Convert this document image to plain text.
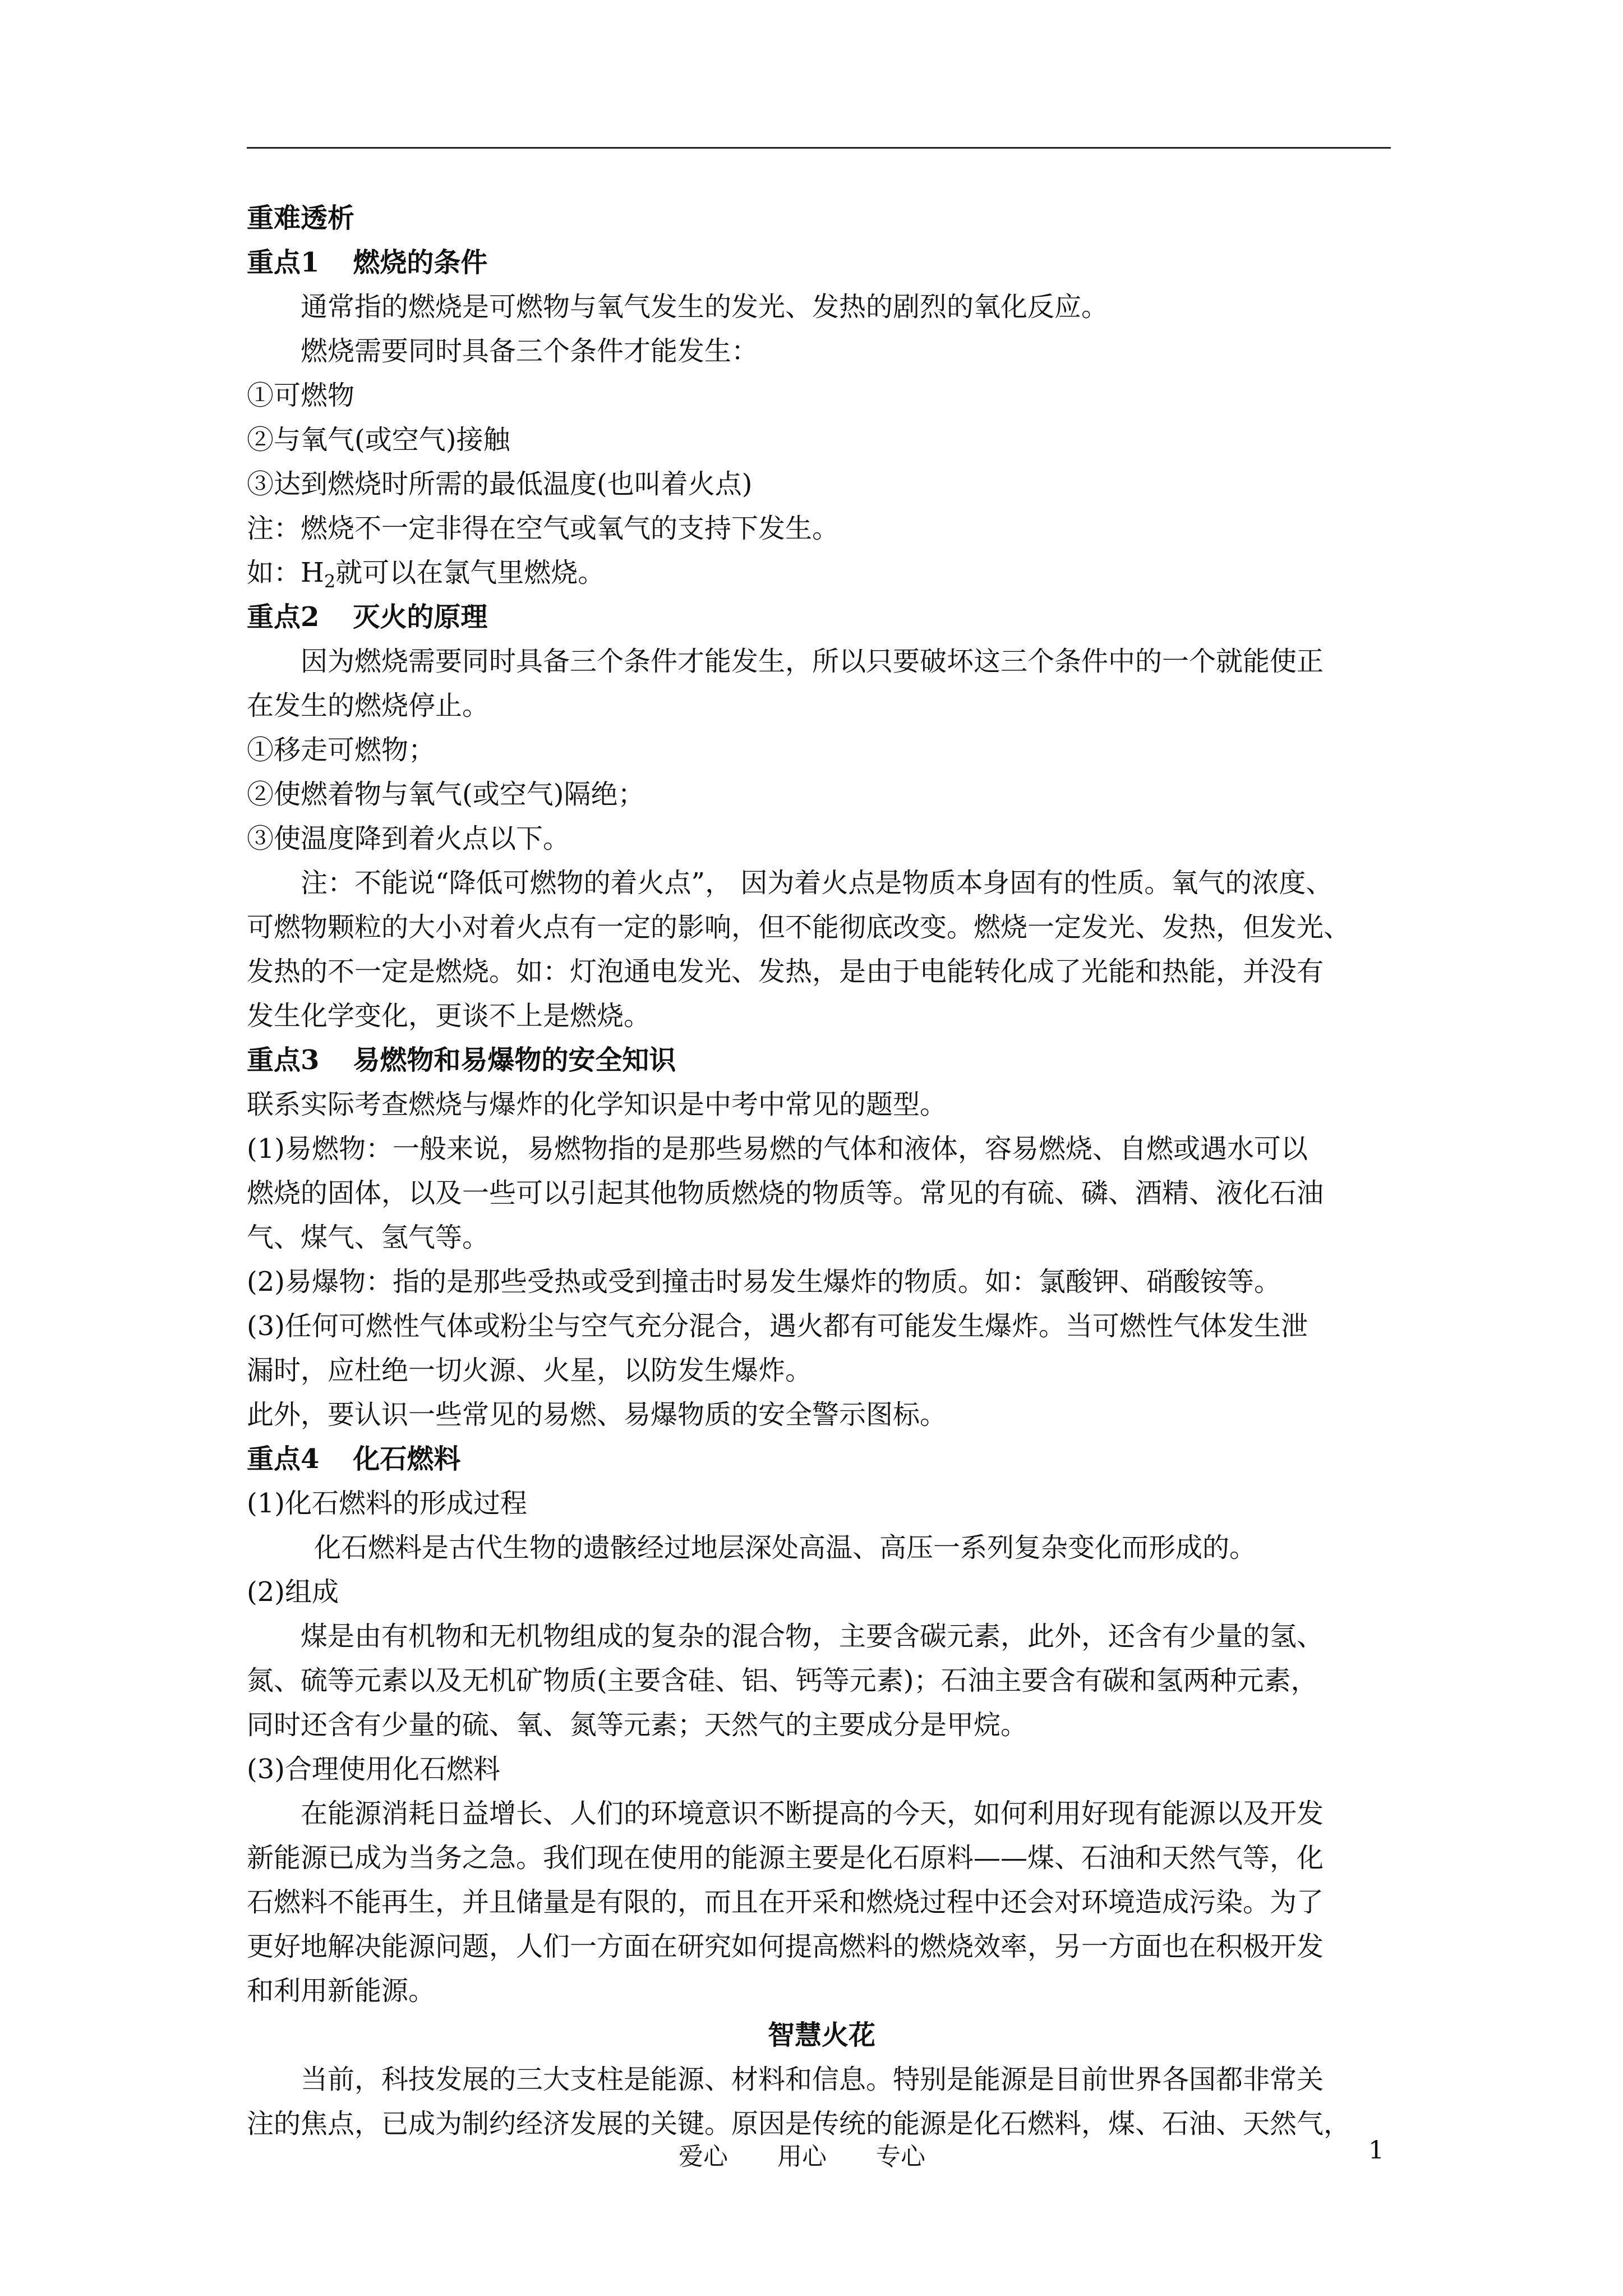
重难透析
重点1 燃烧的条件
通常指的燃烧是可燃物与氧气发生的发光、发热的剧烈的氧化反应。
燃烧需要同时具备三个条件才能发生：
①可燃物
②与氧气(或空气)接触
③达到燃烧时所需的最低温度(也叫着火点)
注：燃烧不一定非得在空气或氧气的支持下发生。
如：$H_2$就可以在氯气里燃烧。
重点2 灭火的原理
因为燃烧需要同时具备三个条件才能发生，所以只要破坏这三个条件中的一个就能使正
在发生的燃烧停止。
①移走可燃物；
②使燃着物与氧气(或空气)隔绝；
③使温度降到着火点以下。
注：不能说“降低可燃物的着火点”， 因为着火点是物质本身固有的性质。氧气的浓度、
可燃物颗粒的大小对着火点有一定的影响，但不能彻底改变。燃烧一定发光、发热，但发光、
发热的不一定是燃烧。如：灯泡通电发光、发热，是由于电能转化成了光能和热能，并没有
发生化学变化，更谈不上是燃烧。
重点3 易燃物和易爆物的安全知识
联系实际考查燃烧与爆炸的化学知识是中考中常见的题型。
(1)易燃物：一般来说，易燃物指的是那些易燃的气体和液体，容易燃烧、自燃或遇水可以
燃烧的固体，以及一些可以引起其他物质燃烧的物质等。常见的有硫、磷、酒精、液化石油
气、煤气、氢气等。
(2)易爆物：指的是那些受热或受到撞击时易发生爆炸的物质。如：氯酸钾、硝酸铵等。
(3)任何可燃性气体或粉尘与空气充分混合，遇火都有可能发生爆炸。当可燃性气体发生泄
漏时，应杜绝一切火源、火星，以防发生爆炸。
此外，要认识一些常见的易燃、易爆物质的安全警示图标。
重点4 化石燃料
(1)化石燃料的形成过程
化石燃料是古代生物的遗骸经过地层深处高温、高压一系列复杂变化而形成的。
(2)组成
煤是由有机物和无机物组成的复杂的混合物，主要含碳元素，此外，还含有少量的氢、
氮、硫等元素以及无机矿物质(主要含硅、铝、钙等元素)；石油主要含有碳和氢两种元素，
同时还含有少量的硫、氧、氮等元素；天然气的主要成分是甲烷。
(3)合理使用化石燃料
在能源消耗日益增长、人们的环境意识不断提高的今天，如何利用好现有能源以及开发
新能源已成为当务之急。我们现在使用的能源主要是化石原料——煤、石油和天然气等，化
石燃料不能再生，并且储量是有限的，而且在开采和燃烧过程中还会对环境造成污染。为了
更好地解决能源问题，人们一方面在研究如何提高燃料的燃烧效率，另一方面也在积极开发
和利用新能源。
智慧火花
当前，科技发展的三大支柱是能源、材料和信息。特别是能源是目前世界各国都非常关
注的焦点，已成为制约经济发展的关键。原因是传统的能源是化石燃料，煤、石油、天然气，
爱心 用心 专心	1
